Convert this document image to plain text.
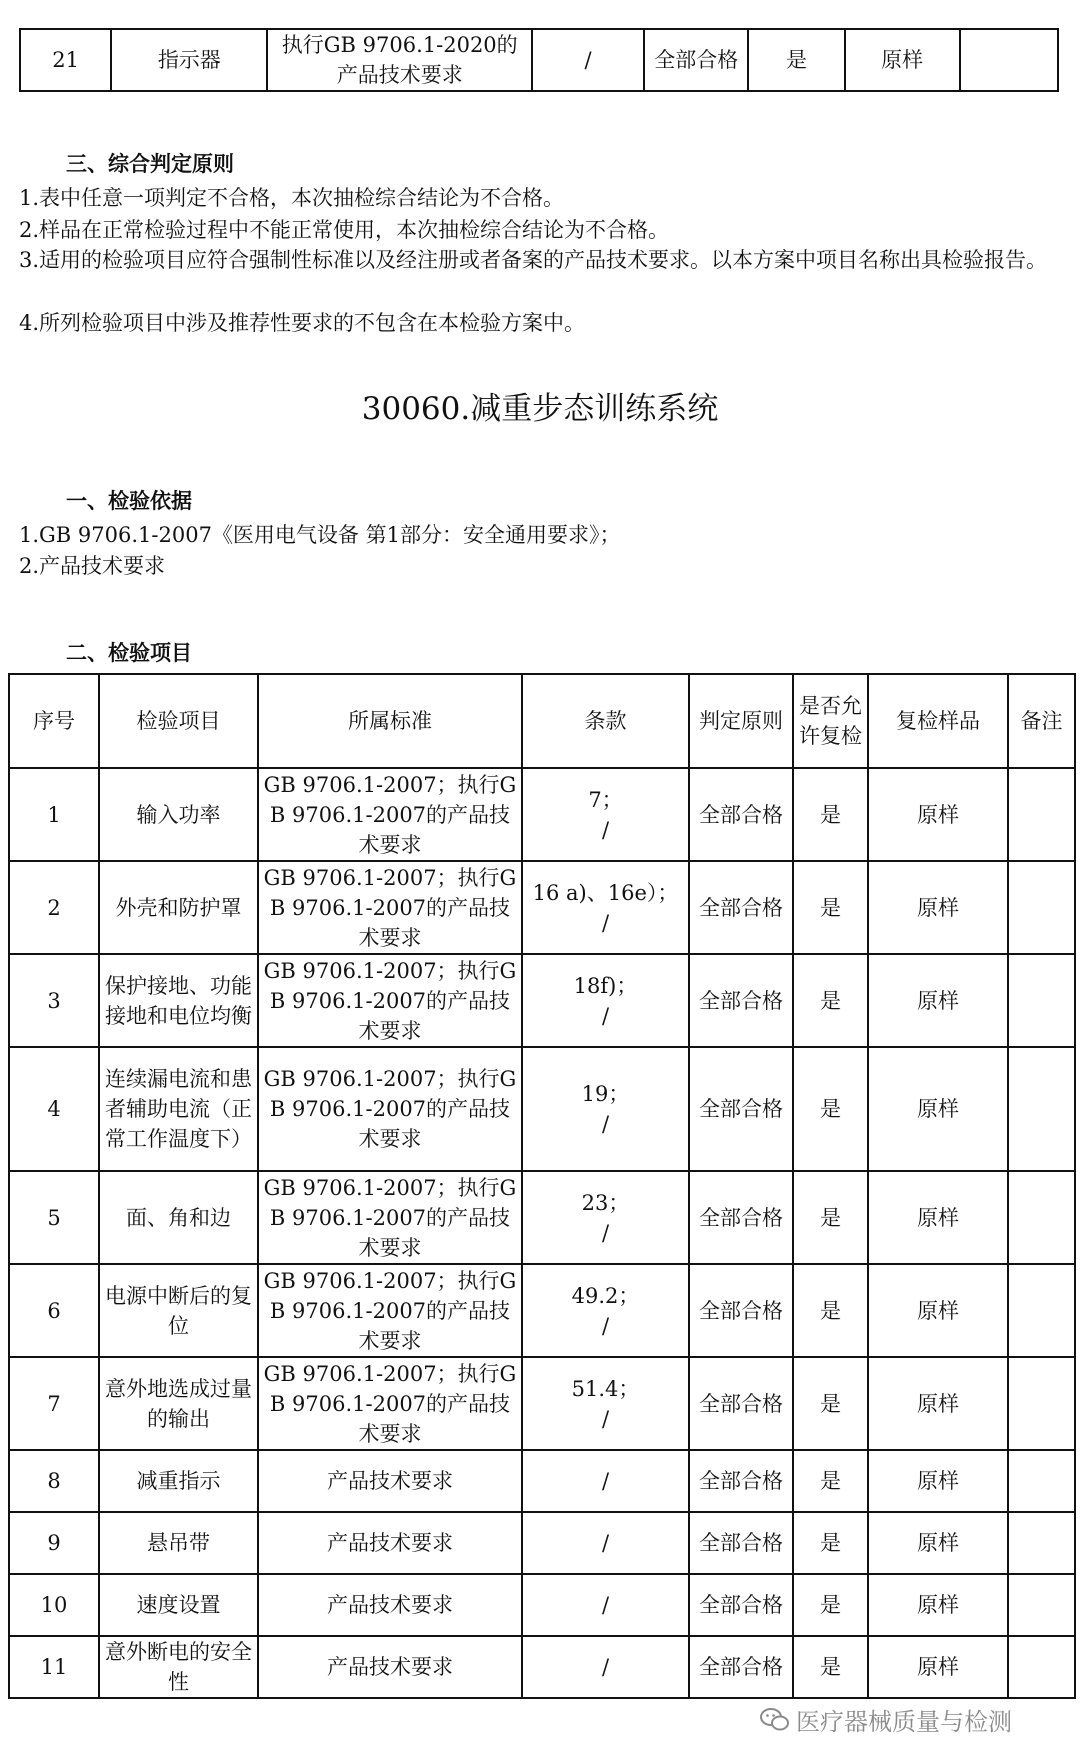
21	指示器	执行GB 9706.1-2020的产品技术要求	/	全部合格	是	原样	

三、综合判定原则

1.表中任意一项判定不合格，本次抽检综合结论为不合格。

2.样品在正常检验过程中不能正常使用，本次抽检综合结论为不合格。

3.适用的检验项目应符合强制性标准以及经注册或者备案的产品技术要求。以本方案中项目名称出具检验报告。

4.所列检验项目中涉及推荐性要求的不包含在本检验方案中。

30060.减重步态训练系统

一、检验依据

1.GB 9706.1-2007《医用电气设备 第1部分：安全通用要求》；

2.产品技术要求

二、检验项目

序号	检验项目	所属标准	条款	判定原则	是否允许复检	复检样品	备注
1	输入功率	GB 9706.1-2007；执行GB 9706.1-2007的产品技术要求	7；
/	全部合格	是	原样	
2	外壳和防护罩	GB 9706.1-2007；执行GB 9706.1-2007的产品技术要求	16 a)、16e）；
/	全部合格	是	原样	
3	保护接地、功能接地和电位均衡	GB 9706.1-2007；执行GB 9706.1-2007的产品技术要求	18f)；
/	全部合格	是	原样	
4	连续漏电流和患者辅助电流（正常工作温度下）	GB 9706.1-2007；执行GB 9706.1-2007的产品技术要求	19；
/	全部合格	是	原样	
5	面、角和边	GB 9706.1-2007；执行GB 9706.1-2007的产品技术要求	23；
/	全部合格	是	原样	
6	电源中断后的复位	GB 9706.1-2007；执行GB 9706.1-2007的产品技术要求	49.2；
/	全部合格	是	原样	
7	意外地选成过量的输出	GB 9706.1-2007；执行GB 9706.1-2007的产品技术要求	51.4；
/	全部合格	是	原样	
8	减重指示	产品技术要求	/	全部合格	是	原样	
9	悬吊带	产品技术要求	/	全部合格	是	原样	
10	速度设置	产品技术要求	/	全部合格	是	原样	
11	意外断电的安全性	产品技术要求	/	全部合格	是	原样	
医疗器械质量与检测
